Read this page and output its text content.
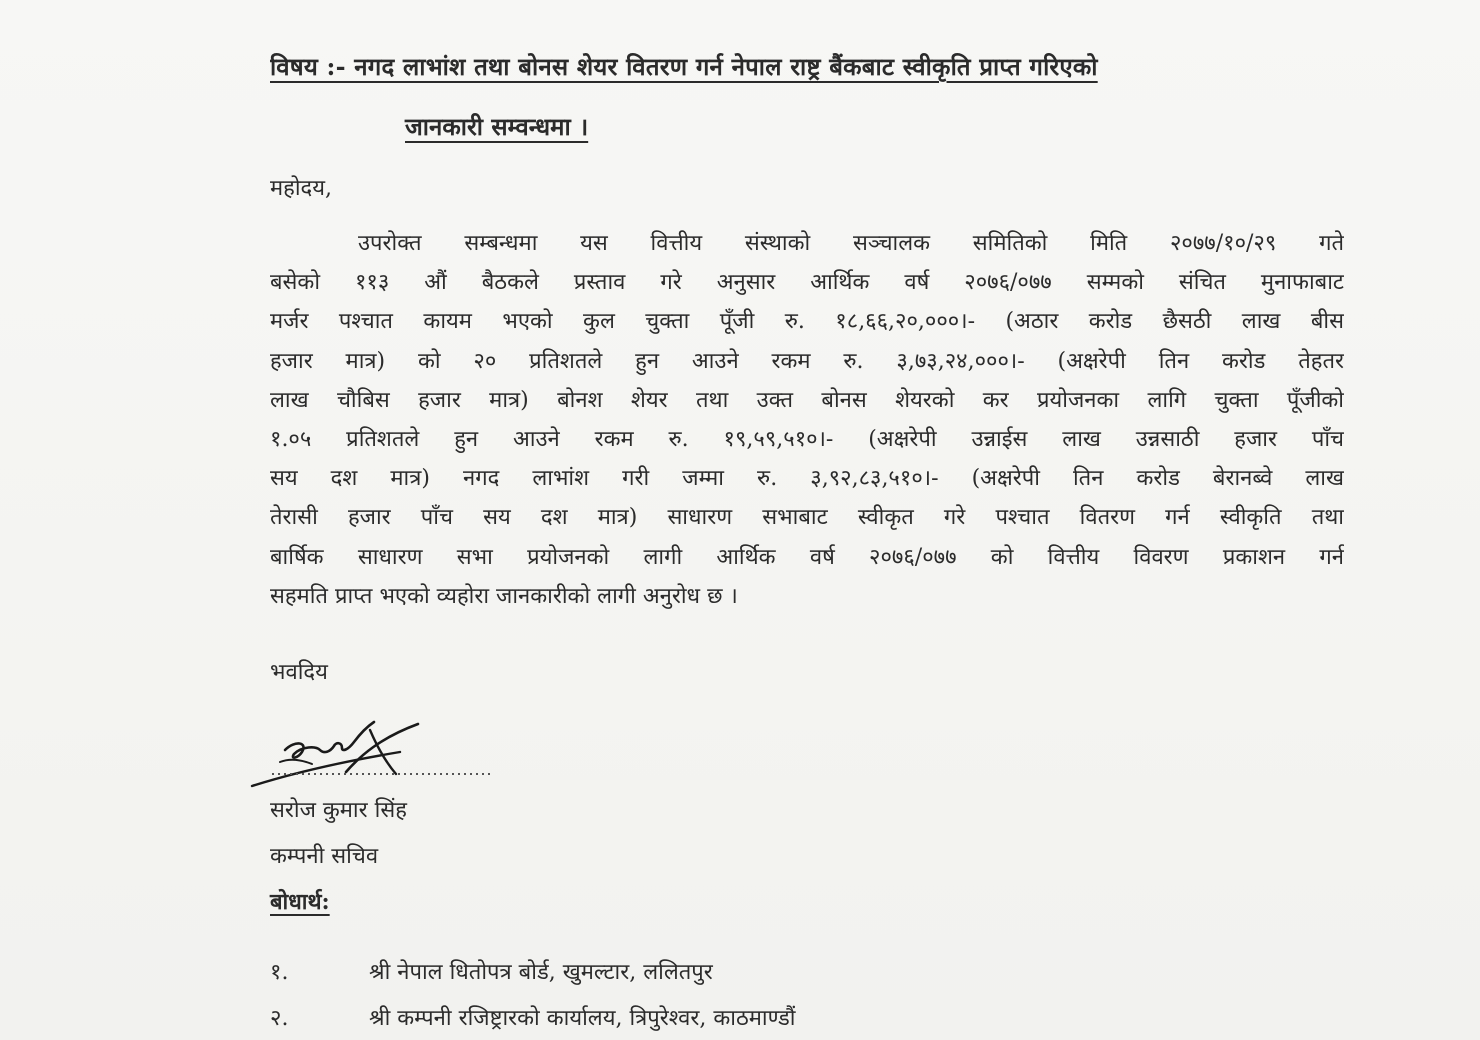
विषय :- नगद लाभांश तथा बोनस शेयर वितरण गर्न नेपाल राष्ट्र बैंकबाट स्वीकृति प्राप्त गरिएको
जानकारी सम्वन्धमा ।
महोदय,
उपरोक्त सम्बन्धमा यस वित्तीय संस्थाको सञ्चालक समितिको मिति २०७७/१०/२९ गते
बसेको ११३ औं बैठकले प्रस्ताव गरे अनुसार आर्थिक वर्ष २०७६/०७७ सम्मको संचित मुनाफाबाट
मर्जर पश्चात कायम भएको कुल चुक्ता पूँजी रु. १८,६६,२०,०००।- (अठार करोड छैसठी लाख बीस
हजार मात्र) को २० प्रतिशतले हुन आउने रकम रु. ३,७३,२४,०००।- (अक्षरेपी तिन करोड तेहतर
लाख चौबिस हजार मात्र) बोनश शेयर तथा उक्त बोनस शेयरको कर प्रयोजनका लागि चुक्ता पूँजीको
१.०५ प्रतिशतले हुन आउने रकम रु. १९,५९,५१०।- (अक्षरेपी उन्नाईस लाख उन्नसाठी हजार पाँच
सय दश मात्र) नगद लाभांश गरी जम्मा रु. ३,९२,८३,५१०।- (अक्षरेपी तिन करोड बेरानब्वे लाख
तेरासी हजार पाँच सय दश मात्र) साधारण सभाबाट स्वीकृत गरे पश्चात वितरण गर्न स्वीकृति तथा
बार्षिक साधारण सभा प्रयोजनको लागी आर्थिक वर्ष २०७६/०७७ को वित्तीय विवरण प्रकाशन गर्न
सहमति प्राप्त भएको व्यहोरा जानकारीको लागी अनुरोध छ ।
भवदिय
सरोज कुमार सिंह
कम्पनी सचिव
बोधार्थ:
१.	श्री नेपाल धितोपत्र बोर्ड, खुमल्टार, ललितपुर
२.	श्री कम्पनी रजिष्ट्रारको कार्यालय, त्रिपुरेश्वर, काठमाण्डौं
